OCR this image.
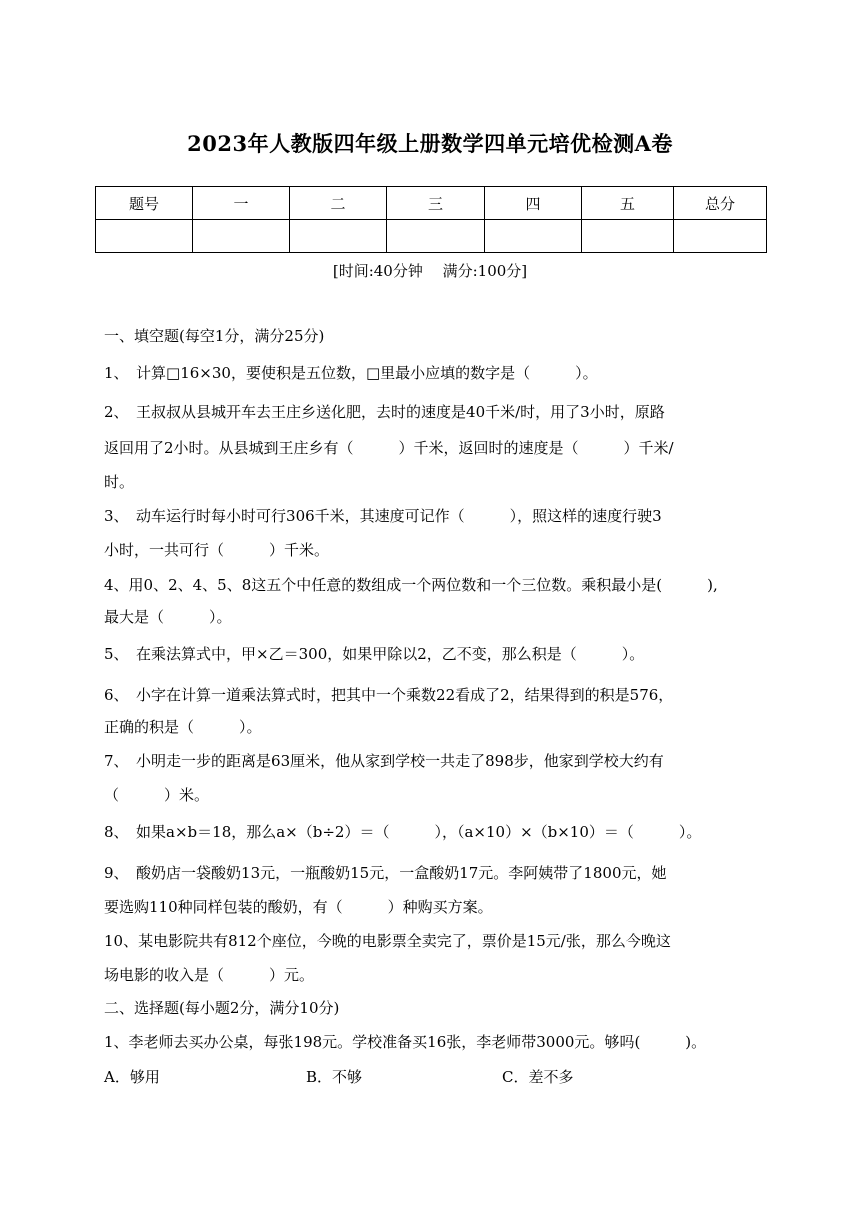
2023年人教版四年级上册数学四单元培优检测A卷
题号	一	二	三	四	五	总分

[时间:40分钟　 满分:100分]
一、填空题(每空1分，满分25分)
1、　计算□16×30，要使积是五位数，□里最小应填的数字是（　　　）。
2、　王叔叔从县城开车去王庄乡送化肥，去时的速度是40千米/时，用了3小时，原路
返回用了2小时。从县城到王庄乡有（　　　）千米，返回时的速度是（　　　）千米/
时。
3、　动车运行时每小时可行306千米，其速度可记作（　　　），照这样的速度行驶3
小时，一共可行（　　　）千米。
4、用0、2、4、5、8这五个中任意的数组成一个两位数和一个三位数。乘积最小是(　　　),
最大是（　　　）。
5、　在乘法算式中，甲×乙＝300，如果甲除以2，乙不变，那么积是（　　　）。
6、　小字在计算一道乘法算式时，把其中一个乘数22看成了2，结果得到的积是576，
正确的积是（　　　）。
7、　小明走一步的距离是63厘米，他从家到学校一共走了898步，他家到学校大约有
（　　　）米。
8、　如果a×b＝18，那么a×（b÷2）＝（　　　），（a×10）×（b×10）＝（　　　）。
9、　酸奶店一袋酸奶13元，一瓶酸奶15元，一盒酸奶17元。李阿姨带了1800元，她
要选购110种同样包装的酸奶，有（　　　）种购买方案。
10、某电影院共有812个座位，今晚的电影票全卖完了，票价是15元/张，那么今晚这
场电影的收入是（　　　）元。
二、选择题(每小题2分，满分10分)
1、李老师去买办公桌，每张198元。学校准备买16张，李老师带3000元。够吗(　　　)。
A．够用	B．不够	C．差不多
